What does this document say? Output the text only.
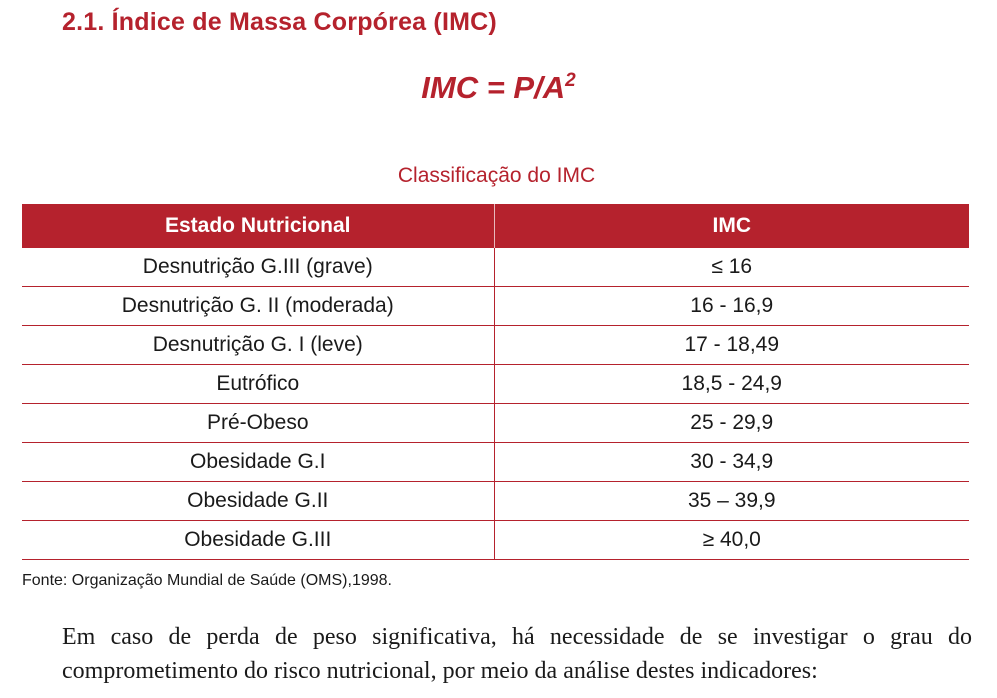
2.1. Índice de Massa Corpórea (IMC)
IMC = $P/A^2$
Classificação do IMC
Estado Nutricional	IMC
Desnutrição G.III (grave)	≤ 16
Desnutrição G. II (moderada)	16 - 16,9
Desnutrição G. I (leve)	17 - 18,49
Eutrófico	18,5 - 24,9
Pré-Obeso	25 - 29,9
Obesidade G.I	30 - 34,9
Obesidade G.II	35 – 39,9
Obesidade G.III	≥ 40,0
Fonte: Organização Mundial de Saúde (OMS),1998.

Em caso de perda de peso significativa, há necessidade de se investigar o grau do comprometimento do risco nutricional, por meio da análise destes indicadores:
